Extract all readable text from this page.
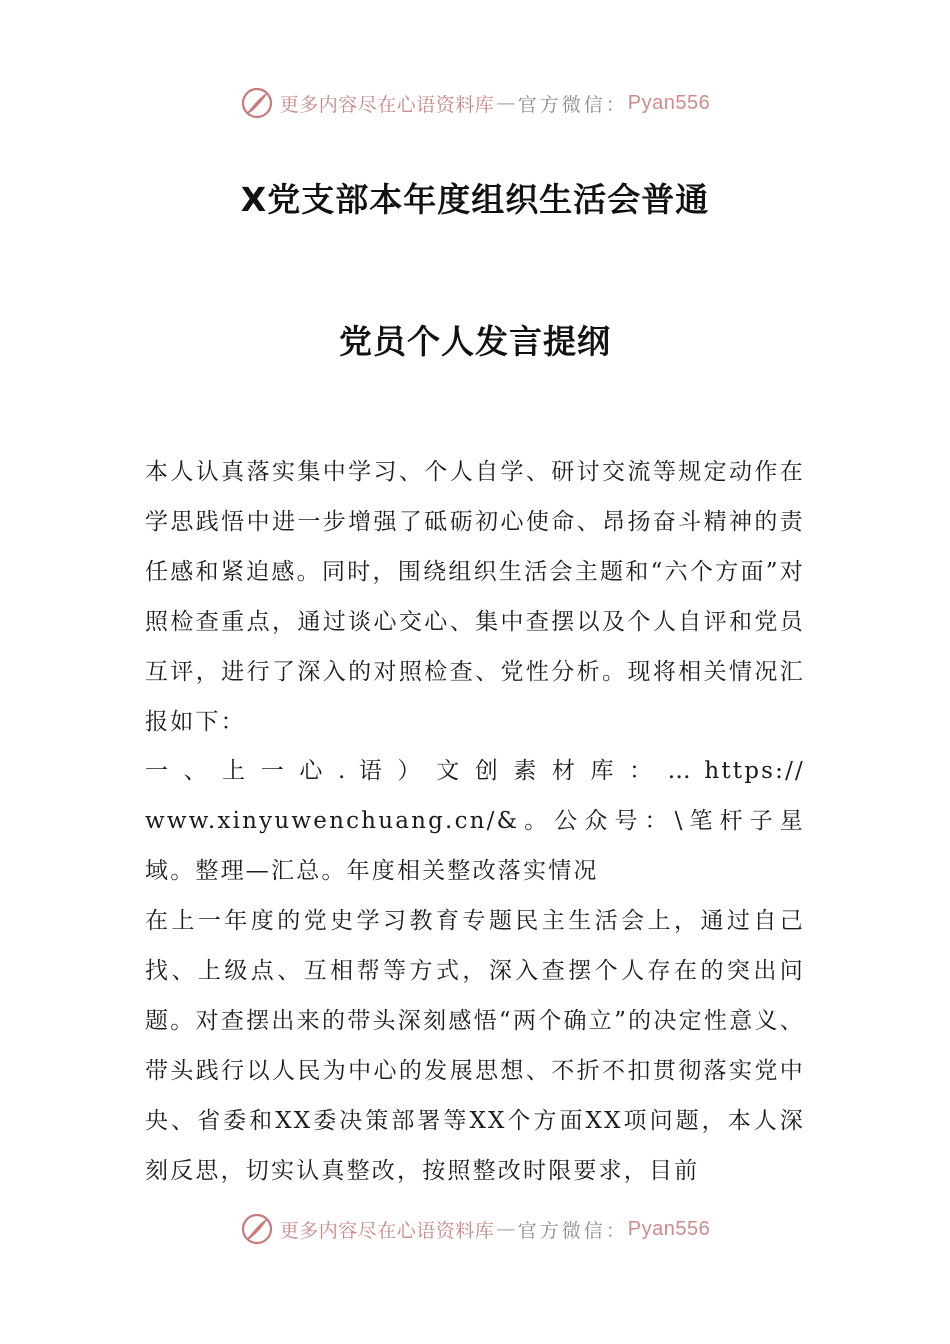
更多内容尽在心语资料库 — 官方微信： Pyan556
X党支部本年度组织生活会普通
党员个人发言提纲

本人认真落实集中学习、个人自学、研讨交流等规定动作在学思践悟中进一步增强了砥砺初心使命、昂扬奋斗精神的责任感和紧迫感。同时，围绕组织生活会主题和“六个方面”对照检查重点，通过谈心交心、集中查摆以及个人自评和党员互评，进行了深入的对照检查、党性分析。现将相关情况汇报如下：

一 、 上 一 心 . 语 ） 文 创 素 材 库 ： … https://
www.xinyuwenchuang.cn/&。公众号：\笔杆子星域。整理—汇总。年度相关整改落实情况

在上一年度的党史学习教育专题民主生活会上，通过自己找、上级点、互相帮等方式，深入查摆个人存在的突出问题。对查摆出来的带头深刻感悟“两个确立”的决定性意义、带头践行以人民为中心的发展思想、不折不扣贯彻落实党中央、省委和XX委决策部署等XX个方面XX项问题，本人深刻反思，切实认真整改，按照整改时限要求，目前

更多内容尽在心语资料库 — 官方微信： Pyan556
